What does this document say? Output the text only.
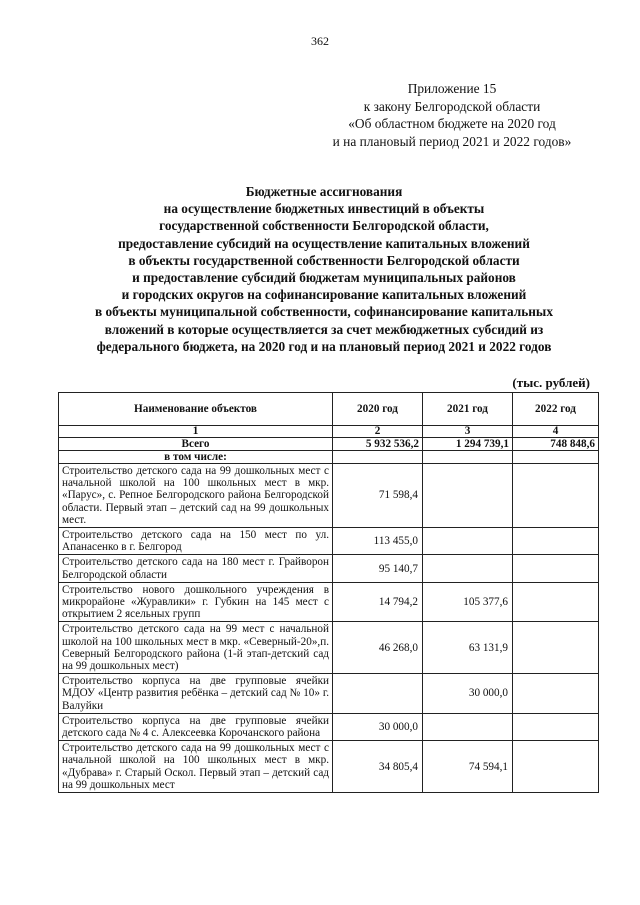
362
Приложение 15
к закону Белгородской области
«Об областном бюджете на 2020 год
и на плановый период 2021 и 2022 годов»
Бюджетные ассигнования
на осуществление бюджетных инвестиций в объекты
государственной собственности Белгородской области,
предоставление субсидий на осуществление капитальных вложений
в объекты государственной собственности Белгородской области
и предоставление субсидий бюджетам муниципальных районов
и городских округов на софинансирование капитальных вложений
в объекты муниципальной собственности, софинансирование капитальных
вложений в которые осуществляется за счет межбюджетных субсидий из
федерального бюджета, на 2020 год и на плановый период 2021 и 2022 годов
(тыс. рублей)
Наименование объектов	2020 год	2021 год	2022 год
1	2	3	4
Всего	5 932 536,2	1 294 739,1	748 848,6
в том числе:			
Строительство детского сада на 99 дошкольных мест с начальной школой на 100 школьных мест в мкр. «Парус», с. Репное Белгородского района Белгородской области. Первый этап – детский сад на 99 дошкольных мест.	71 598,4		
Строительство детского сада на 150 мест по ул. Апанасенко в г. Белгород	113 455,0		
Строительство детского сада на 180 мест г. Грайворон Белгородской области	95 140,7		
Строительство нового дошкольного учреждения в микрорайоне «Журавлики» г. Губкин на 145 мест с открытием 2 ясельных групп	14 794,2	105 377,6	
Строительство детского сада на 99 мест с начальной школой на 100 школьных мест в мкр. «Северный-20»,п. Северный Белгородского района (1-й этап-детский сад на 99 дошкольных мест)	46 268,0	63 131,9	
Строительство корпуса на две групповые ячейки МДОУ «Центр развития ребёнка – детский сад № 10» г. Валуйки		30 000,0	
Строительство корпуса на две групповые ячейки детского сада № 4 с. Алексеевка Корочанского района	30 000,0		
Строительство детского сада на 99 дошкольных мест с начальной школой на 100 школьных мест в мкр. «Дубрава» г. Старый Оскол. Первый этап – детский сад на 99 дошкольных мест	34 805,4	74 594,1	
